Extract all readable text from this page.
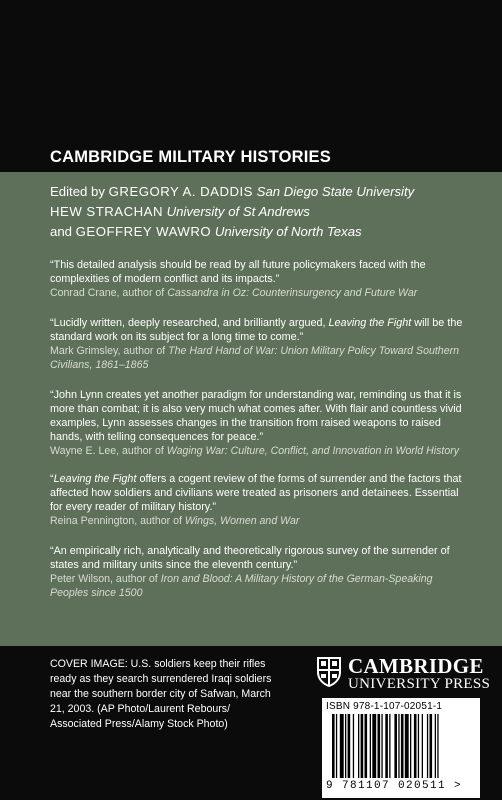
CAMBRIDGE MILITARY HISTORIES
Edited by GREGORY A. DADDIS San Diego State University
HEW STRACHAN University of St Andrews
and GEOFFREY WAWRO University of North Texas
“This detailed analysis should be read by all future policymakers faced with the complexities of modern conflict and its impacts.”
Conrad Crane, author of Cassandra in Oz: Counterinsurgency and Future War
“Lucidly written, deeply researched, and brilliantly argued, Leaving the Fight will be the standard work on its subject for a long time to come.”
Mark Grimsley, author of The Hard Hand of War: Union Military Policy Toward Southern Civilians, 1861–1865
“John Lynn creates yet another paradigm for understanding war, reminding us that it is more than combat; it is also very much what comes after. With flair and countless vivid examples, Lynn assesses changes in the transition from raised weapons to raised hands, with telling consequences for peace.”
Wayne E. Lee, author of Waging War: Culture, Conflict, and Innovation in World History
“Leaving the Fight offers a cogent review of the forms of surrender and the factors that affected how soldiers and civilians were treated as prisoners and detainees. Essential for every reader of military history.”
Reina Pennington, author of Wings, Women and War
“An empirically rich, analytically and theoretically rigorous survey of the surrender of states and military units since the eleventh century.”
Peter Wilson, author of Iron and Blood: A Military History of the German-Speaking Peoples since 1500
COVER IMAGE: U.S. soldiers keep their rifles ready as they search surrendered Iraqi soldiers near the southern border city of Safwan, March 21, 2003. (AP Photo/Laurent Rebours/ Associated Press/Alamy Stock Photo)
CAMBRIDGE
UNIVERSITY PRESS
ISBN 978-1-107-02051-1
9 781107 020511 >
